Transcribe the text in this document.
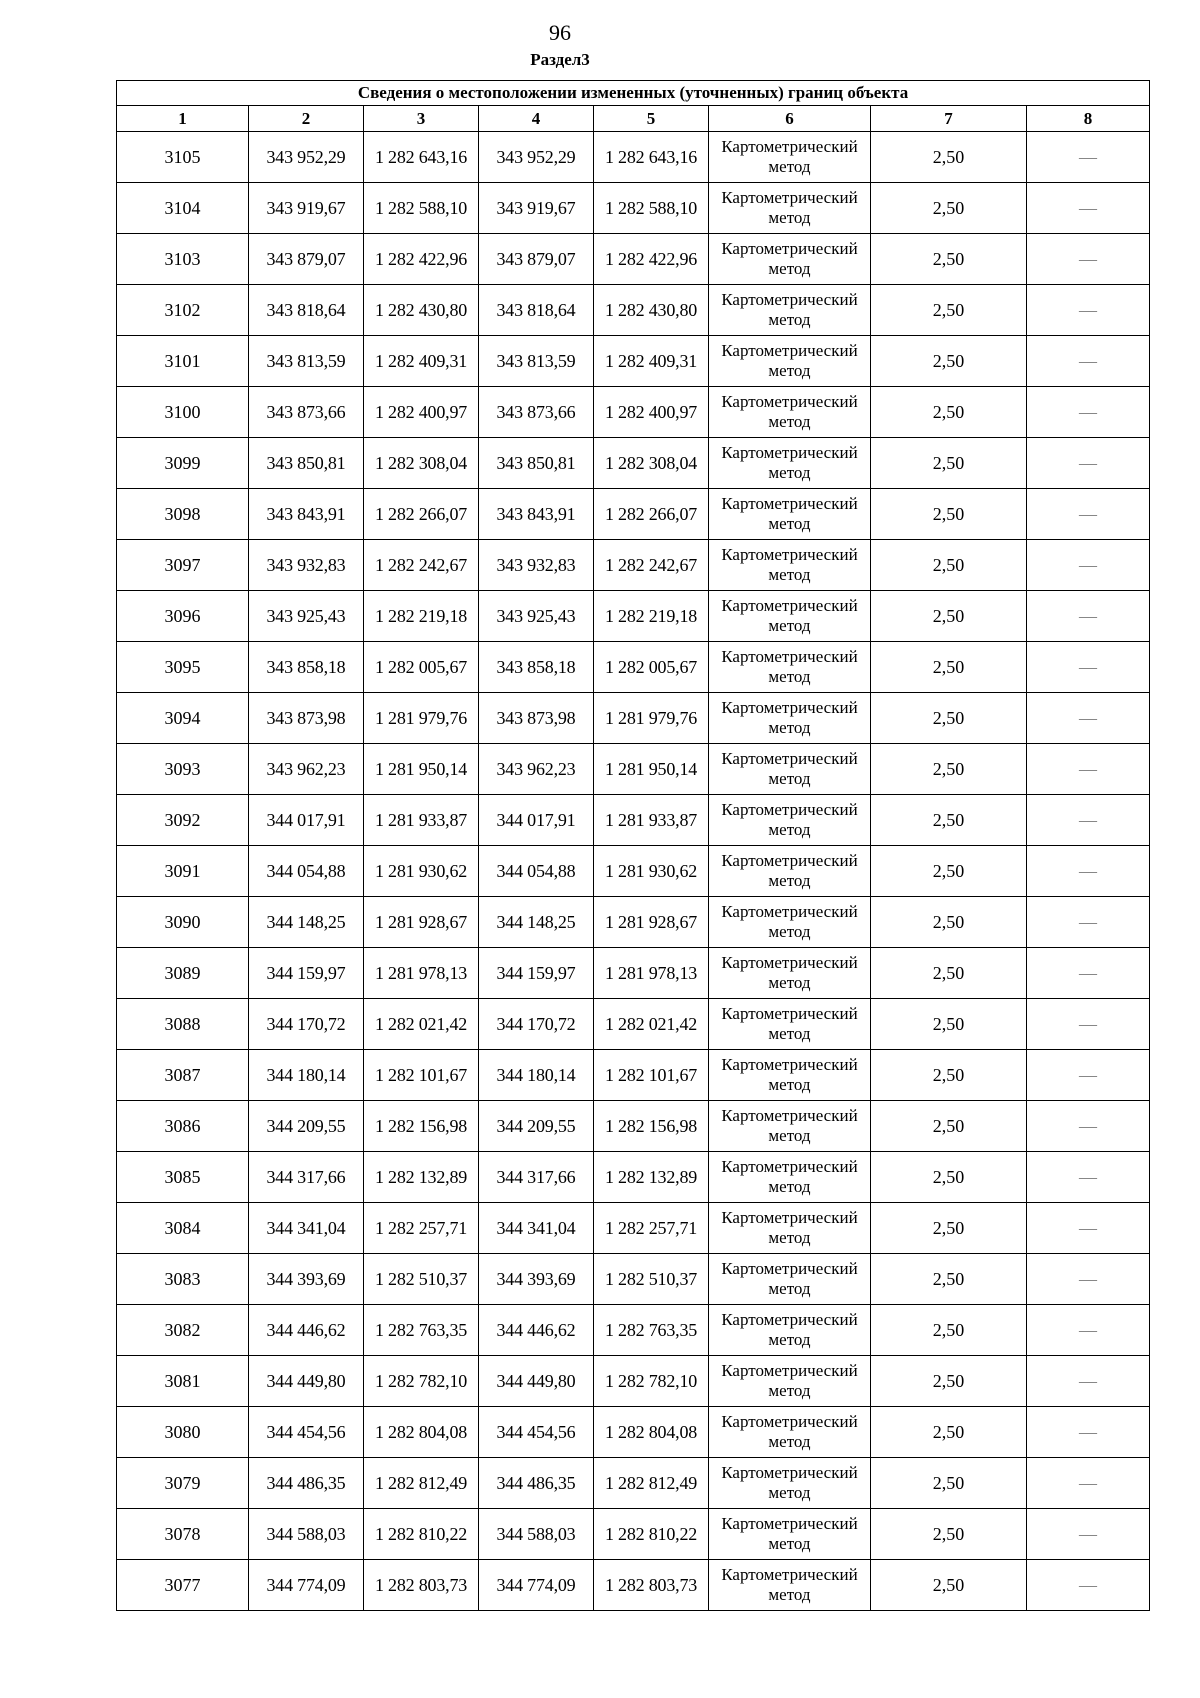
96
Раздел3
Сведения о местоположении измененных (уточненных) границ объекта							
1	2	3	4	5	6	7	8
3105	343 952,29	1 282 643,16	343 952,29	1 282 643,16	Картометрический метод	2,50	—
3104	343 919,67	1 282 588,10	343 919,67	1 282 588,10	Картометрический метод	2,50	—
3103	343 879,07	1 282 422,96	343 879,07	1 282 422,96	Картометрический метод	2,50	—
3102	343 818,64	1 282 430,80	343 818,64	1 282 430,80	Картометрический метод	2,50	—
3101	343 813,59	1 282 409,31	343 813,59	1 282 409,31	Картометрический метод	2,50	—
3100	343 873,66	1 282 400,97	343 873,66	1 282 400,97	Картометрический метод	2,50	—
3099	343 850,81	1 282 308,04	343 850,81	1 282 308,04	Картометрический метод	2,50	—
3098	343 843,91	1 282 266,07	343 843,91	1 282 266,07	Картометрический метод	2,50	—
3097	343 932,83	1 282 242,67	343 932,83	1 282 242,67	Картометрический метод	2,50	—
3096	343 925,43	1 282 219,18	343 925,43	1 282 219,18	Картометрический метод	2,50	—
3095	343 858,18	1 282 005,67	343 858,18	1 282 005,67	Картометрический метод	2,50	—
3094	343 873,98	1 281 979,76	343 873,98	1 281 979,76	Картометрический метод	2,50	—
3093	343 962,23	1 281 950,14	343 962,23	1 281 950,14	Картометрический метод	2,50	—
3092	344 017,91	1 281 933,87	344 017,91	1 281 933,87	Картометрический метод	2,50	—
3091	344 054,88	1 281 930,62	344 054,88	1 281 930,62	Картометрический метод	2,50	—
3090	344 148,25	1 281 928,67	344 148,25	1 281 928,67	Картометрический метод	2,50	—
3089	344 159,97	1 281 978,13	344 159,97	1 281 978,13	Картометрический метод	2,50	—
3088	344 170,72	1 282 021,42	344 170,72	1 282 021,42	Картометрический метод	2,50	—
3087	344 180,14	1 282 101,67	344 180,14	1 282 101,67	Картометрический метод	2,50	—
3086	344 209,55	1 282 156,98	344 209,55	1 282 156,98	Картометрический метод	2,50	—
3085	344 317,66	1 282 132,89	344 317,66	1 282 132,89	Картометрический метод	2,50	—
3084	344 341,04	1 282 257,71	344 341,04	1 282 257,71	Картометрический метод	2,50	—
3083	344 393,69	1 282 510,37	344 393,69	1 282 510,37	Картометрический метод	2,50	—
3082	344 446,62	1 282 763,35	344 446,62	1 282 763,35	Картометрический метод	2,50	—
3081	344 449,80	1 282 782,10	344 449,80	1 282 782,10	Картометрический метод	2,50	—
3080	344 454,56	1 282 804,08	344 454,56	1 282 804,08	Картометрический метод	2,50	—
3079	344 486,35	1 282 812,49	344 486,35	1 282 812,49	Картометрический метод	2,50	—
3078	344 588,03	1 282 810,22	344 588,03	1 282 810,22	Картометрический метод	2,50	—
3077	344 774,09	1 282 803,73	344 774,09	1 282 803,73	Картометрический метод	2,50	—
